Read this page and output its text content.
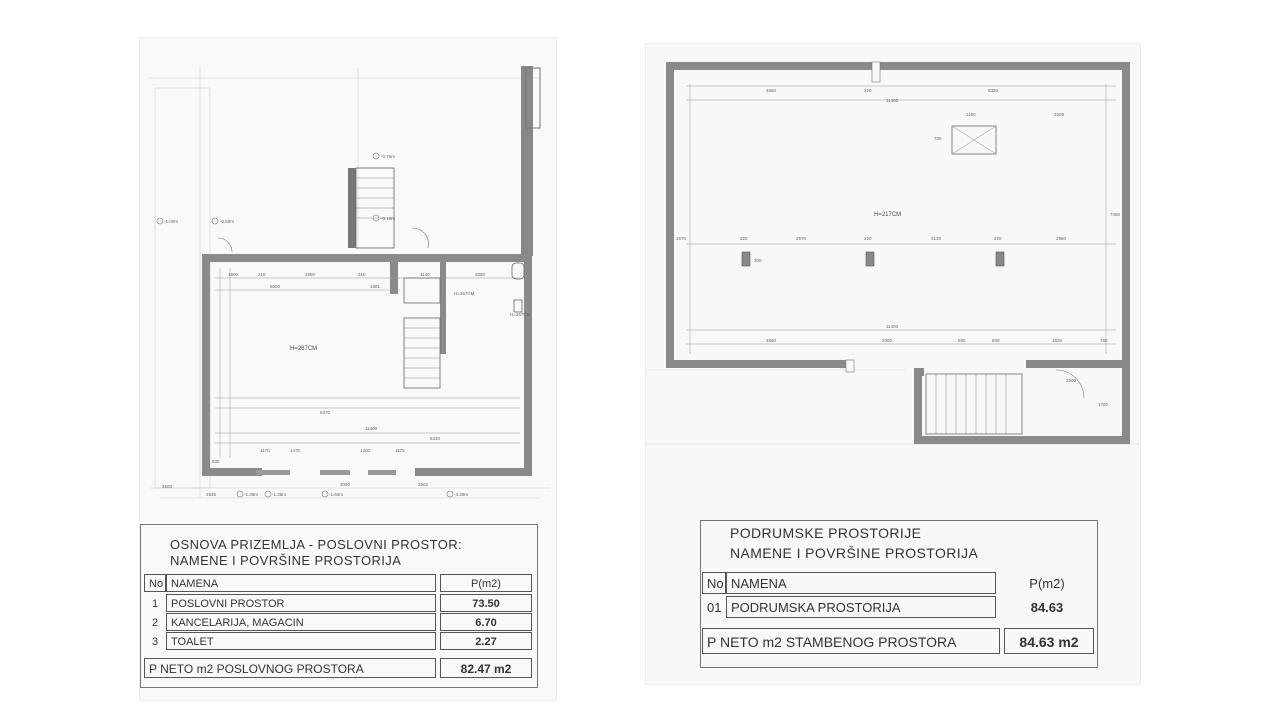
-0.75m
-1.00m	-0.60m
-0.10m
-1.38m	-1.38m	-1.66m	-3.30m
1600	210	2950	210
5000	1881
1140	2050
6370
11400
6430
2502
3090
1170	1470	1200	1175
630
2500
2636
H=267CM
H=267CM
H=267CM
OSNOVA PRIZEMLJA - POSLOVNI PROSTOR:
NAMENE I POVRŠINE PROSTORIJA
No NAMENA	P(m2)
1	POSLOVNI PROSTOR	73.50
2	KANCELARIJA, MAGACIN	6.70
3	TOALET	2.27
P NETO m2 POSLOVNOG PROSTORA	82.47 m2
H=217CM
4860	220	6320
11400
1180	3209
730
1670	2970	3130	2980
7450
11400
4860	2000	680	840	1820	780
2500
1700
300
220	220	220
PODRUMSKE PROSTORIJE
NAMENE I POVRŠINE PROSTORIJA
No NAMENA	P(m2)
01 PODRUMSKA PROSTORIJA	84.63
P NETO m2 STAMBENOG PROSTORA	84.63 m2
